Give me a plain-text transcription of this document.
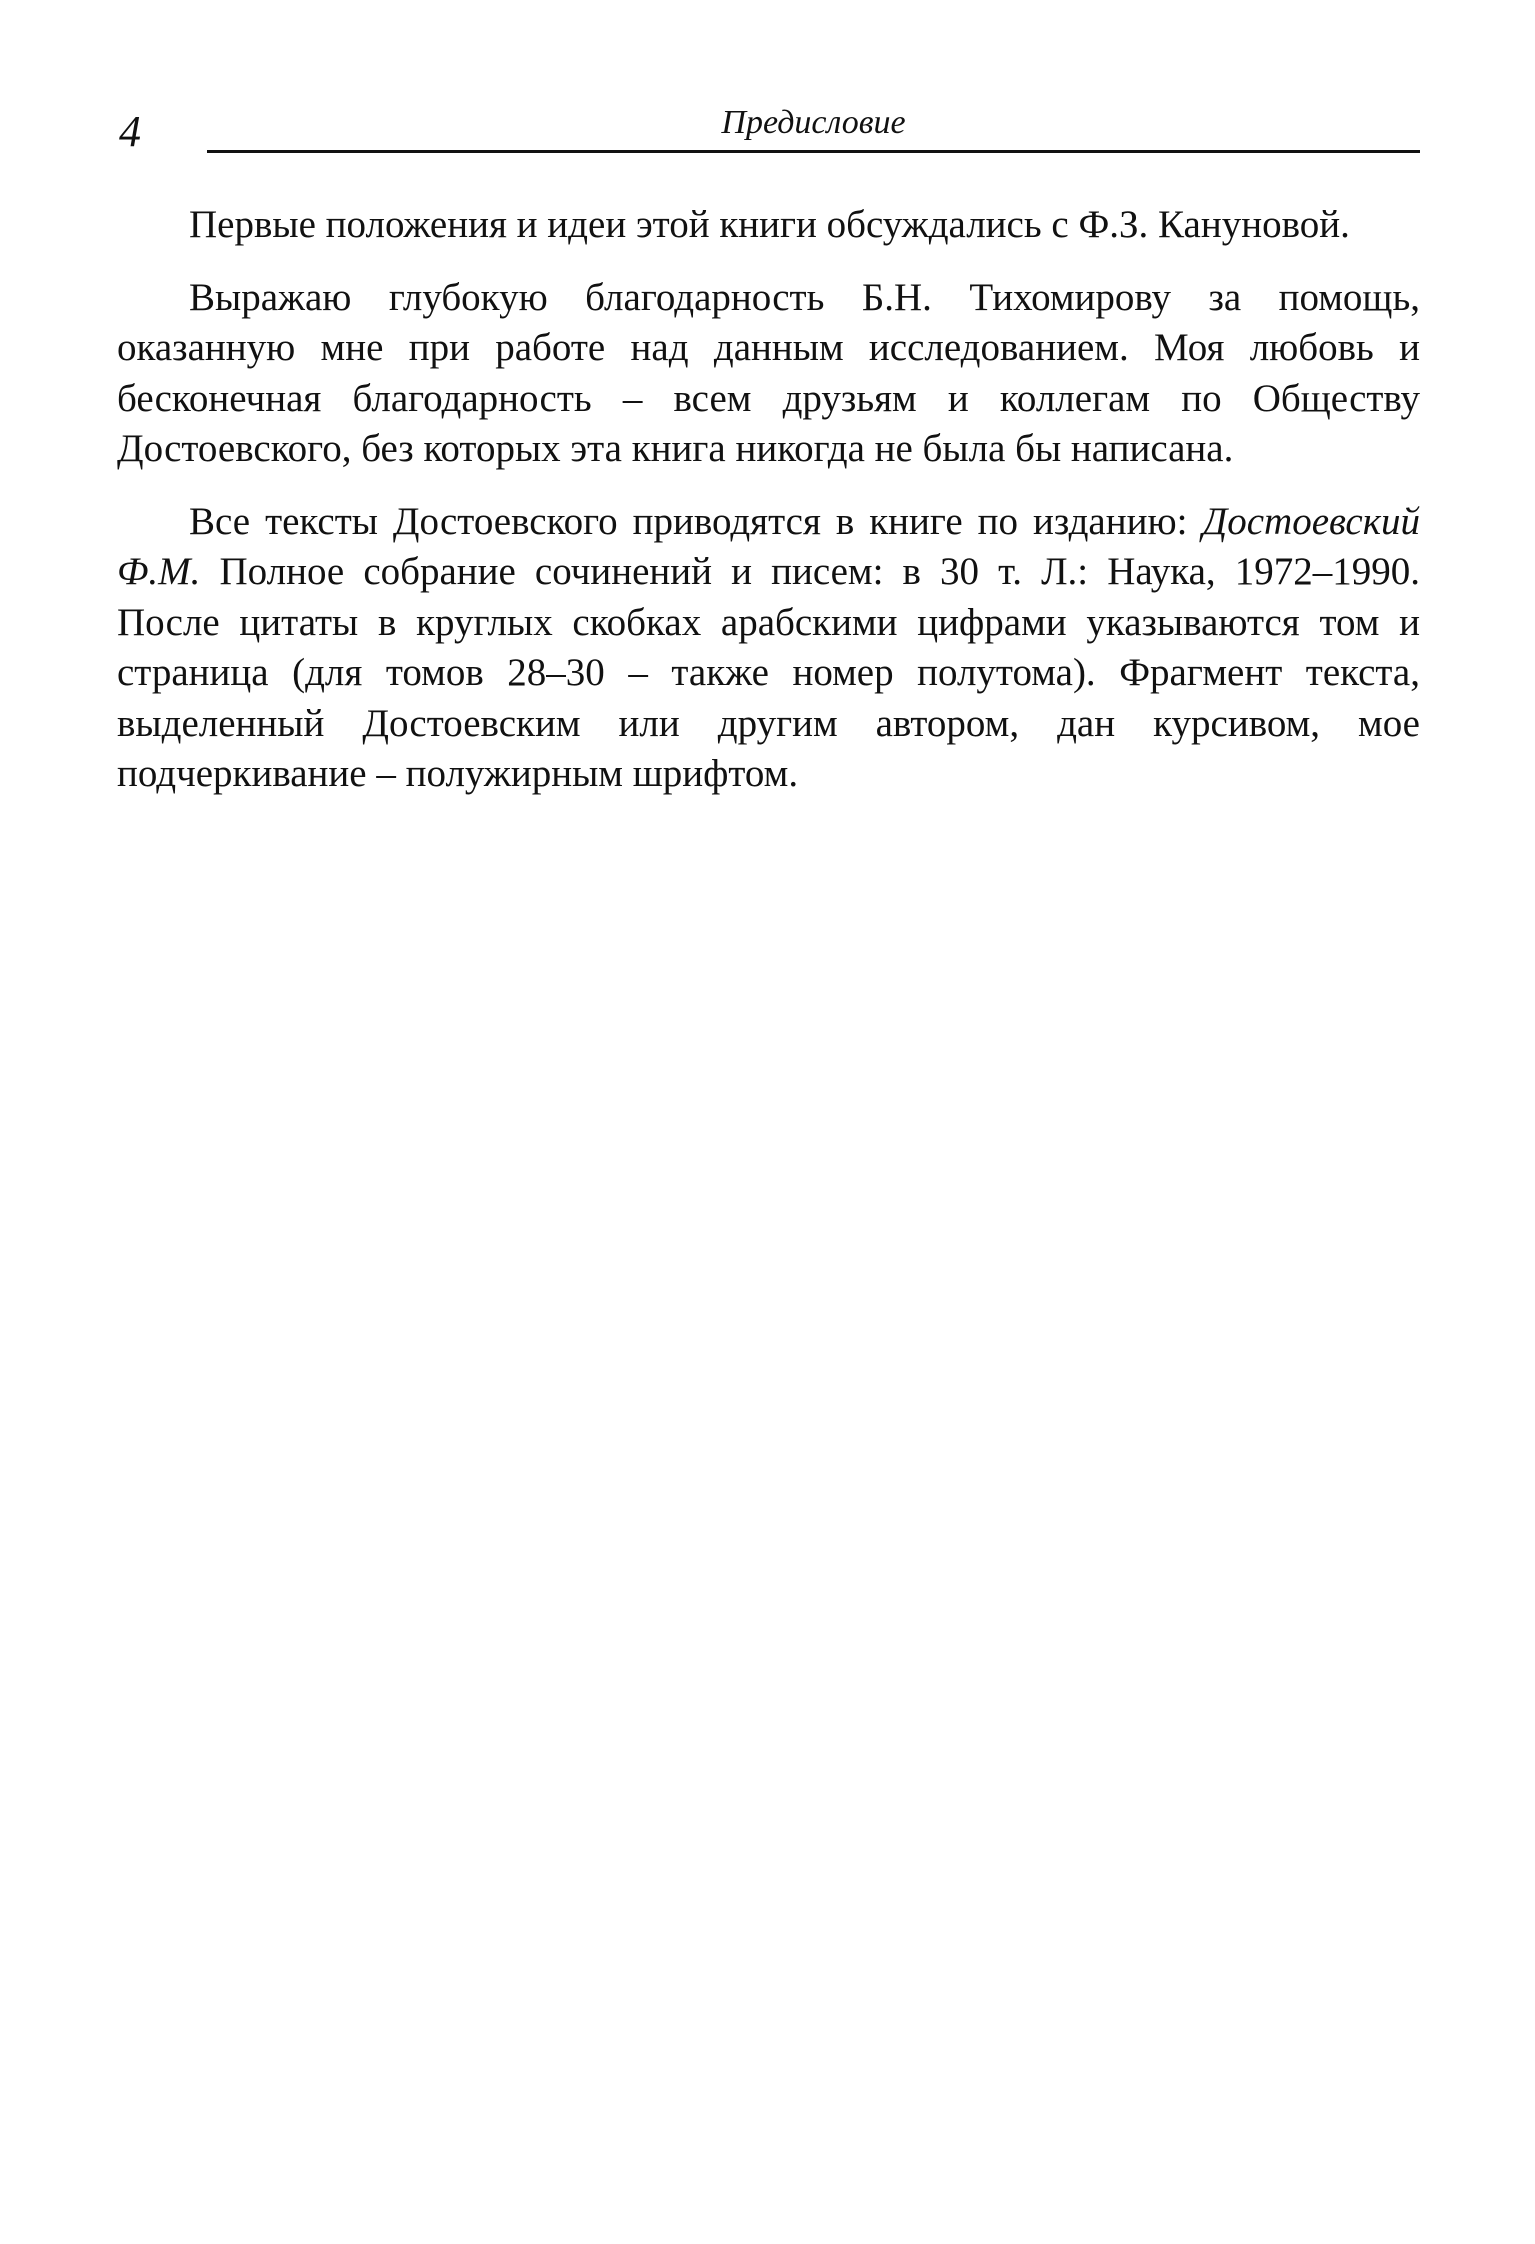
4	Предисловие

Первые положения и идеи этой книги обсуждались с Ф.З. Кануновой.

Выражаю глубокую благодарность Б.Н. Тихомирову за помощь, оказанную мне при работе над данным исследованием. Моя любовь и бесконечная благодарность – всем друзьям и коллегам по Обществу Достоевского, без которых эта книга никогда не была бы написана.

Все тексты Достоевского приводятся в книге по изданию: Достоевский Ф.М. Полное собрание сочинений и писем: в 30 т. Л.: Наука, 1972–1990. После цитаты в круглых скобках арабскими цифрами указываются том и страница (для томов 28–30 – также номер полутома). Фрагмент текста, выделенный Достоевским или другим автором, дан курсивом, мое подчеркивание – полужирным шрифтом.
